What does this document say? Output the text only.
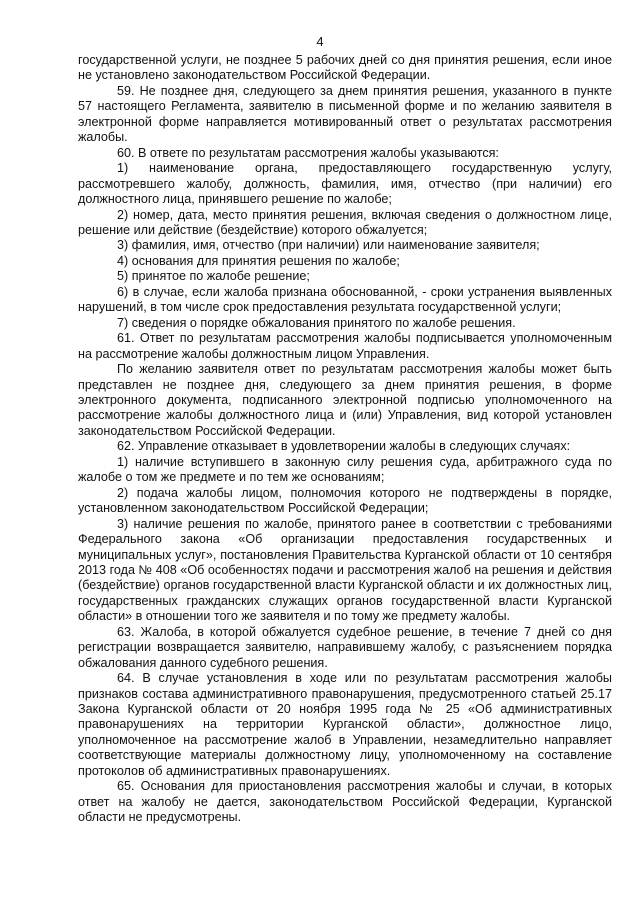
4

государственной услуги, не позднее 5 рабочих дней со дня принятия решения, если иное не установлено законодательством Российской Федерации.

59. Не позднее дня, следующего за днем принятия решения, указанного в пункте 57 настоящего Регламента, заявителю в письменной форме и по желанию заявителя в электронной форме направляется мотивированный ответ о результатах рассмотрения жалобы.

60. В ответе по результатам рассмотрения жалобы указываются:

1) наименование органа, предоставляющего государственную услугу, рассмотревшего жалобу, должность, фамилия, имя, отчество (при наличии) его должностного лица, принявшего решение по жалобе;

2) номер, дата, место принятия решения, включая сведения о должностном лице, решение или действие (бездействие) которого обжалуется;

3) фамилия, имя, отчество (при наличии) или наименование заявителя;

4) основания для принятия решения по жалобе;

5) принятое по жалобе решение;

6) в случае, если жалоба признана обоснованной, - сроки устранения выявленных нарушений, в том числе срок предоставления результата государственной услуги;

7) сведения о порядке обжалования принятого по жалобе решения.

61. Ответ по результатам рассмотрения жалобы подписывается уполномоченным на рассмотрение жалобы должностным лицом Управления.

По желанию заявителя ответ по результатам рассмотрения жалобы может быть представлен не позднее дня, следующего за днем принятия решения, в форме электронного документа, подписанного электронной подписью уполномоченного на рассмотрение жалобы должностного лица и (или) Управления, вид которой установлен законодательством Российской Федерации.

62. Управление отказывает в удовлетворении жалобы в следующих случаях:

1) наличие вступившего в законную силу решения суда, арбитражного суда по жалобе о том же предмете и по тем же основаниям;

2) подача жалобы лицом, полномочия которого не подтверждены в порядке, установленном законодательством Российской Федерации;

3) наличие решения по жалобе, принятого ранее в соответствии с требованиями Федерального закона «Об организации предоставления государственных и муниципальных услуг», постановления Правительства Курганской области от 10 сентября 2013 года № 408 «Об особенностях подачи и рассмотрения жалоб на решения и действия (бездействие) органов государственной власти Курганской области и их должностных лиц, государственных гражданских служащих органов государственной власти Курганской области» в отношении того же заявителя и по тому же предмету жалобы.

63. Жалоба, в которой обжалуется судебное решение, в течение 7 дней со дня регистрации возвращается заявителю, направившему жалобу, с разъяснением порядка обжалования данного судебного решения.

64. В случае установления в ходе или по результатам рассмотрения жалобы признаков состава административного правонарушения, предусмотренного статьей 25.17 Закона Курганской области от 20 ноября 1995 года № 25 «Об административных правонарушениях на территории Курганской области», должностное лицо, уполномоченное на рассмотрение жалоб в Управлении, незамедлительно направляет соответствующие материалы должностному лицу, уполномоченному на составление протоколов об административных правонарушениях.

65. Основания для приостановления рассмотрения жалобы и случаи, в которых ответ на жалобу не дается, законодательством Российской Федерации, Курганской области не предусмотрены.
